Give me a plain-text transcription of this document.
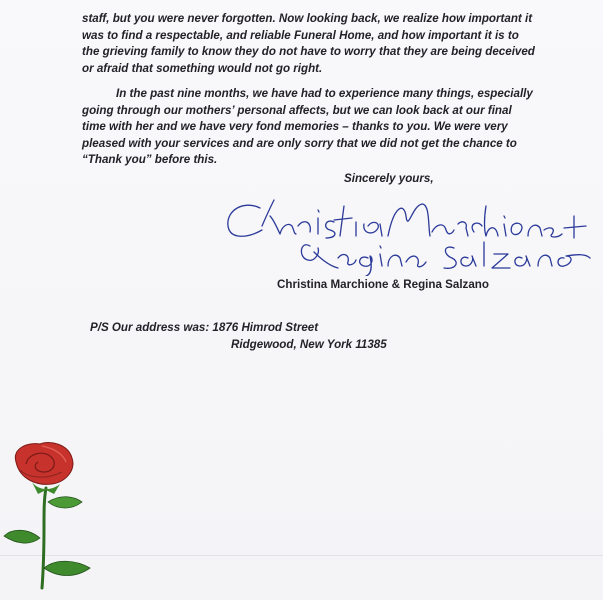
staff, but you were never forgotten. Now looking back, we realize how important it
was to find a respectable, and reliable Funeral Home, and how important it is to
the grieving family to know they do not have to worry that they are being deceived
or afraid that something would not go right.

In the past nine months, we have had to experience many things, especially
going through our mothers’ personal affects, but we can look back at our final
time with her and we have very fond memories – thanks to you. We were very
pleased with your services and are only sorry that we did not get the chance to
“Thank you” before this.

Sincerely yours,

Christina Marchione & Regina Salzano

P/S Our address was: 1876 Himrod Street
Ridgewood, New York 11385
